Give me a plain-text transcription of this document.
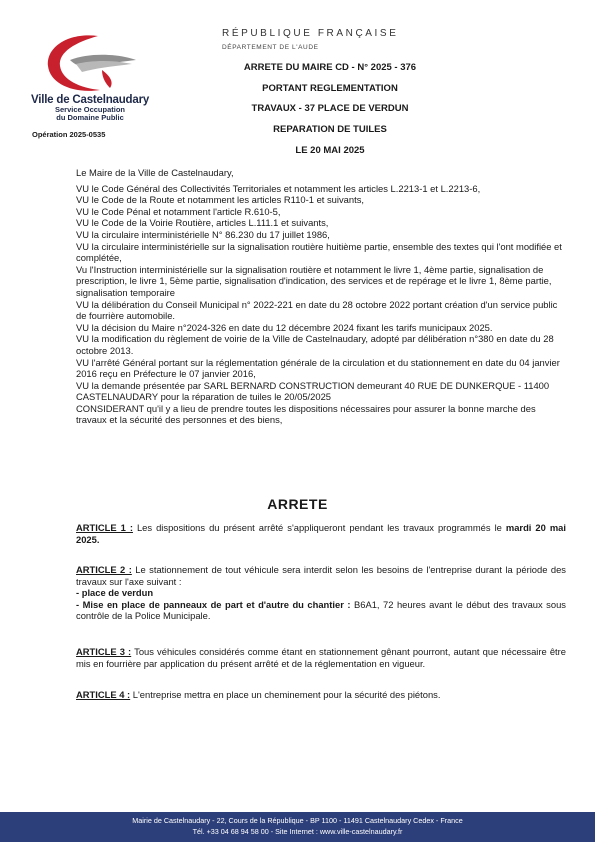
Ville de Castelnaudary
Service Occupation
du Domaine Public
Opération 2025-0535
RÉPUBLIQUE FRANÇAISE
DÉPARTEMENT DE L'AUDE
ARRETE DU MAIRE CD - N° 2025 - 376
PORTANT REGLEMENTATION
TRAVAUX - 37 PLACE DE VERDUN
REPARATION DE TUILES
LE 20 MAI 2025

Le Maire de la Ville de Castelnaudary,

VU le Code Général des Collectivités Territoriales et notamment les articles L.2213-1 et L.2213-6,

VU le Code de la Route et notamment les articles R110-1 et suivants,

VU le Code Pénal et notamment l'article R.610-5,

VU le Code de la Voirie Routière, articles L.111.1 et suivants,

VU la circulaire interministérielle N° 86.230 du 17 juillet 1986,

VU la circulaire interministérielle sur la signalisation routière huitième partie, ensemble des textes qui l'ont modifiée et complétée,

Vu l'Instruction interministérielle sur la signalisation routière et notamment le livre 1, 4ème partie, signalisation de prescription, le livre 1, 5ème partie, signalisation d'indication, des services et de repérage et le livre 1, 8ème partie, signalisation temporaire

VU la délibération du Conseil Municipal n° 2022-221 en date du 28 octobre 2022 portant création d'un service public de fourrière automobile.

VU la décision du Maire n°2024-326 en date du 12 décembre 2024 fixant les tarifs municipaux 2025.

VU la modification du règlement de voirie de la Ville de Castelnaudary, adopté par délibération n°380 en date du 28 octobre 2013.

VU l'arrêté Général portant sur la réglementation générale de la circulation et du stationnement en date du 04 janvier 2016 reçu en Préfecture le 07 janvier 2016,

VU la demande présentée par SARL BERNARD CONSTRUCTION demeurant 40 RUE DE DUNKERQUE - 11400 CASTELNAUDARY pour la réparation de tuiles le 20/05/2025

CONSIDERANT qu'il y a lieu de prendre toutes les dispositions nécessaires pour assurer la bonne marche des travaux et la sécurité des personnes et des biens,

ARRETE

ARTICLE 1 : Les dispositions du présent arrêté s'appliqueront pendant les travaux programmés le mardi 20 mai 2025.

ARTICLE 2 : Le stationnement de tout véhicule sera interdit selon les besoins de l'entreprise durant la période des travaux sur l'axe suivant :

- place de verdun

- Mise en place de panneaux de part et d'autre du chantier : B6A1, 72 heures avant le début des travaux sous contrôle de la Police Municipale.

ARTICLE 3 : Tous véhicules considérés comme étant en stationnement gênant pourront, autant que nécessaire être mis en fourrière par application du présent arrêté et de la réglementation en vigueur.

ARTICLE 4 : L'entreprise mettra en place un cheminement pour la sécurité des piétons.

Mairie de Castelnaudary - 22, Cours de la République - BP 1100 - 11491 Castelnaudary Cedex - France
Tél. +33 04 68 94 58 00 - Site Internet : www.ville-castelnaudary.fr
